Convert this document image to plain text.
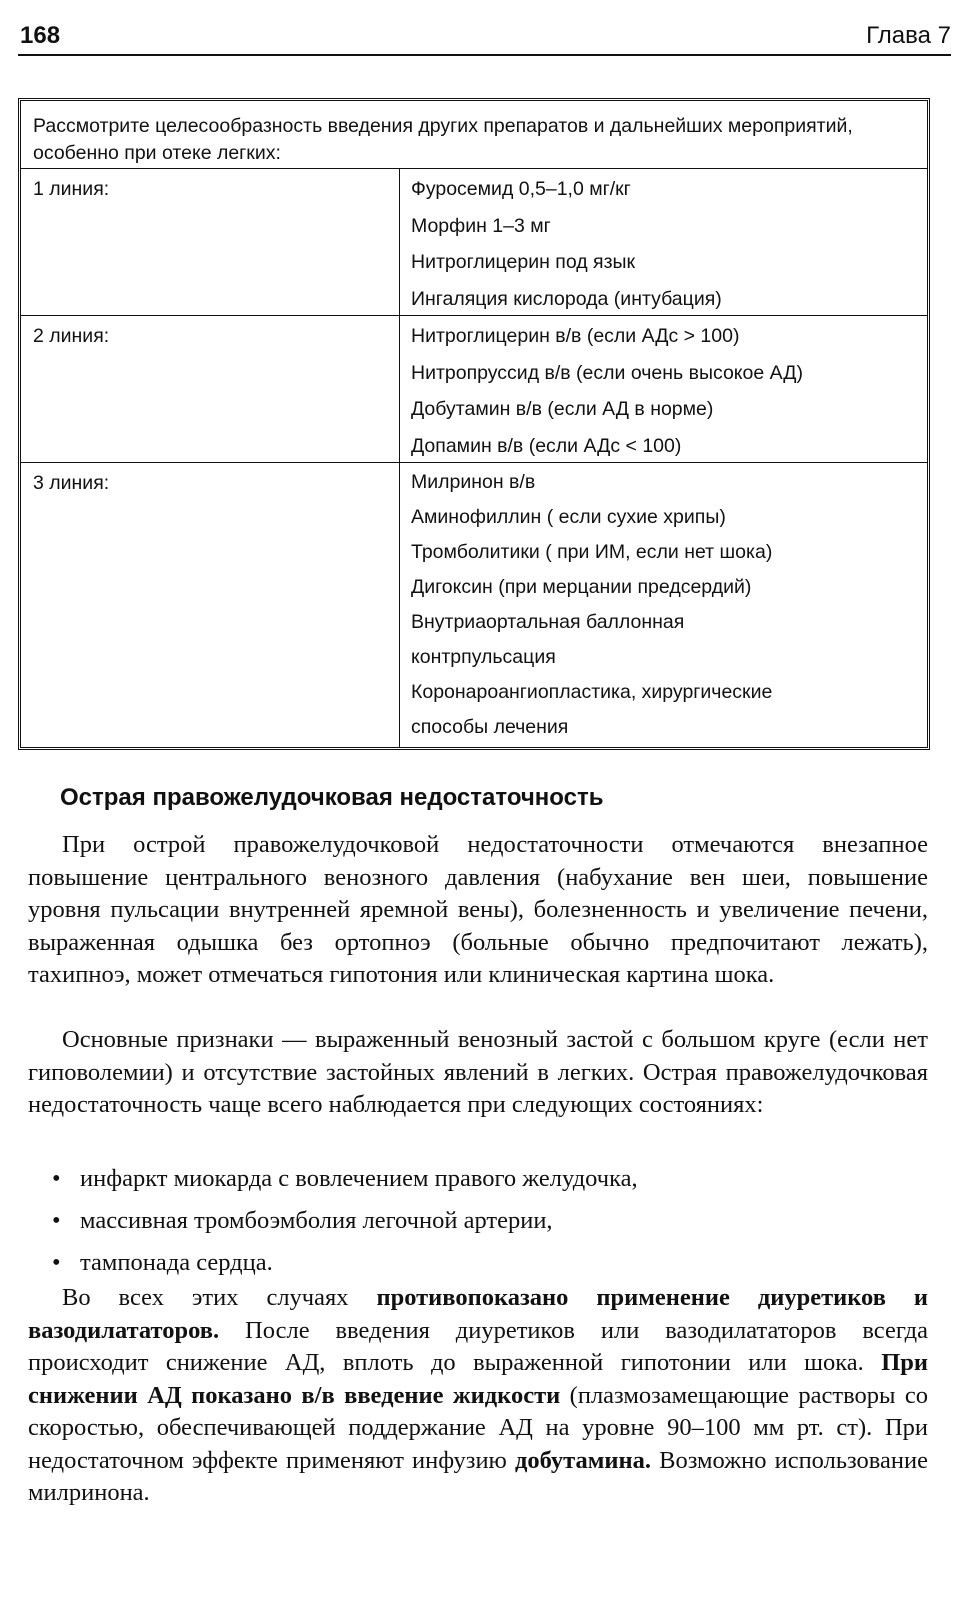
168	Глава 7
Рассмотрите целесообразность введения других препаратов и дальнейших мероприятий, особенно при отеке легких:
1 линия:	Фуросемид 0,5–1,0 мг/кг
Морфин 1–3 мг
Нитроглицерин под язык
Ингаляция кислорода (интубация)
2 линия:	Нитроглицерин в/в (если АДс > 100)
Нитропруссид в/в (если очень высокое АД)
Добутамин в/в (если АД в норме)
Допамин в/в (если АДс < 100)
3 линия:	Милринон в/в
Аминофиллин ( если сухие хрипы)
Тромболитики ( при ИМ, если нет шока)
Дигоксин (при мерцании предсердий)
Внутриаортальная баллонная
контрпульсация
Коронароангиопластика, хирургические
способы лечения
Острая правожелудочковая недостаточность
При острой правожелудочковой недостаточности отмечаются внезапное повышение центрального венозного давления (набухание вен шеи, повышение уровня пульсации внутренней яремной вены), болезненность и увеличение печени, выраженная одышка без ортопноэ (больные обычно предпочитают лежать), тахипноэ, может отмечаться гипотония или клиническая картина шока.
Основные признаки — выраженный венозный застой с большом круге (если нет гиповолемии) и отсутствие застойных явлений в легких. Острая правожелудочковая недостаточность чаще всего наблюдается при следующих состояниях:
• инфаркт миокарда с вовлечением правого желудочка,
• массивная тромбоэмболия легочной артерии,
• тампонада сердца.
Во всех этих случаях противопоказано применение диуретиков и вазодилататоров. После введения диуретиков или вазодилататоров всегда происходит снижение АД, вплоть до выраженной гипотонии или шока. При снижении АД показано в/в введение жидкости (плазмозамещающие растворы со скоростью, обеспечивающей поддержание АД на уровне 90–100 мм рт. ст). При недостаточном эффекте применяют инфузию добутамина. Возможно использование милринона.
